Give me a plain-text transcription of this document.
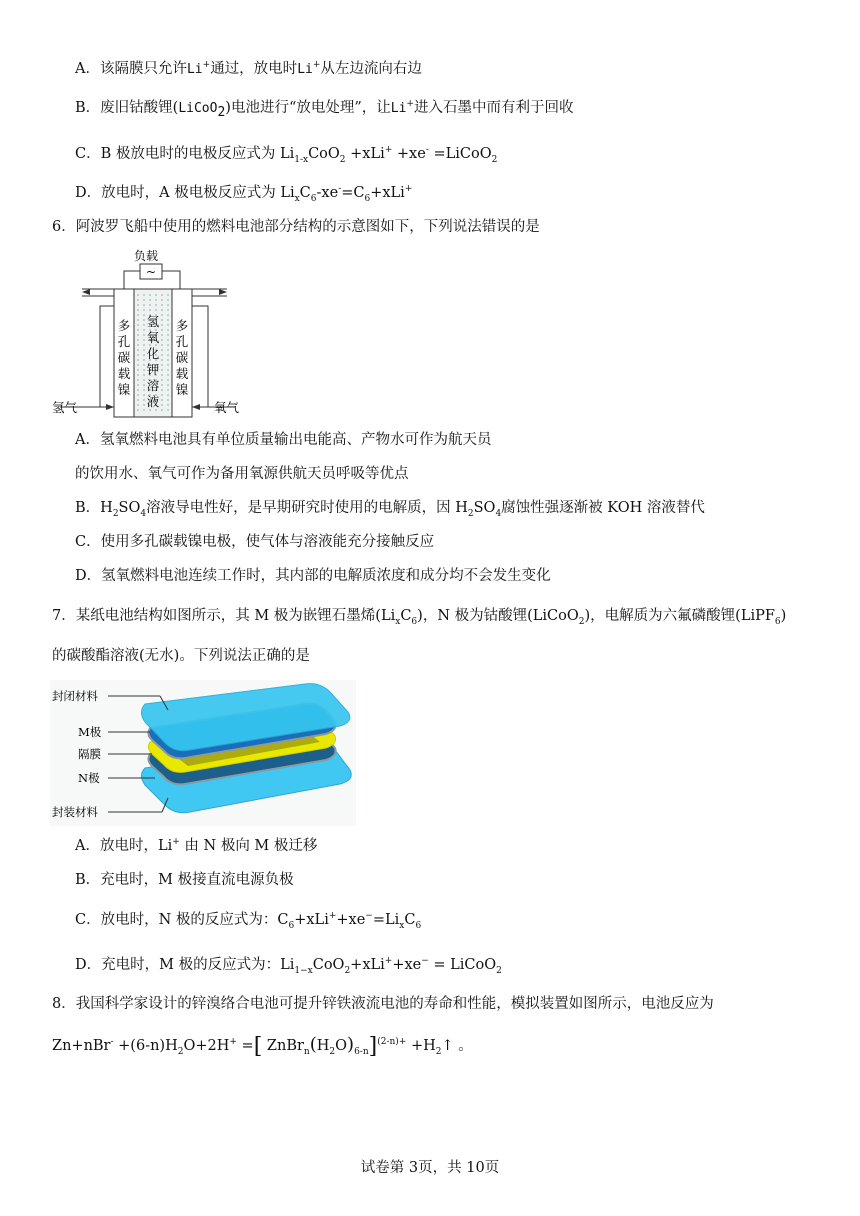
A．该隔膜只允许Li+通过，放电时Li+从左边流向右边
B．废旧钴酸锂(LiCoO$_2$)电池进行“放电处理”，让Li+进入石墨中而有利于回收
C．B 极放电时的电极反应式为 $Li_{1-x}CoO_2 +xLi^+ +xe^-$ =LiCoO$_2$
D．放电时，A 极电极反应式为 $Li_xC_6-xe^-=C_6+xLi^+$
6．阿波罗飞船中使用的燃料电池部分结构的示意图如下，下列说法错误的是
负载
~
多
孔
碳
载
镍
氢
氧
化
钾
溶
液
多
孔
碳
载
镍
氢气	氧气
A．氢氧燃料电池具有单位质量输出电能高、产物水可作为航天员
的饮用水、氧气可作为备用氧源供航天员呼吸等优点
B．$H_2SO_4$溶液导电性好，是早期研究时使用的电解质，因 $H_2SO_4$腐蚀性强逐渐被 KOH 溶液替代
C．使用多孔碳载镍电极，使气体与溶液能充分接触反应
D．氢氧燃料电池连续工作时，其内部的电解质浓度和成分均不会发生变化
7．某纸电池结构如图所示，其 M 极为嵌锂石墨烯$(Li_xC_6)$，N 极为钴酸锂(LiCoO$_2$)，电解质为六氟磷酸锂(LiPF$_6$)
的碳酸酯溶液(无水)。下列说法正确的是
封闭材料
M极
隔膜
N极
封装材料
A．放电时，Li+ 由 N 极向 M 极迁移
B．充电时，M 极接直流电源负极
C．放电时，N 极的反应式为：$C_6+xLi^++xe^-=Li_xC_6$
D．充电时，M 极的反应式为：$Li_{1-x}CoO_2+xLi^++xe^-$ = LiCoO$_2$
8．我国科学家设计的锌溴络合电池可提升锌铁液流电池的寿命和性能，模拟装置如图所示，电池反应为
$Zn+nBr^- +(6-n)H_2O+2H^+$ =[ $ZnBr_n(H_2O)_{6-n}]^{(2-n)+}$ $+H_2↑$ 。
试卷第 3页，共 10页
